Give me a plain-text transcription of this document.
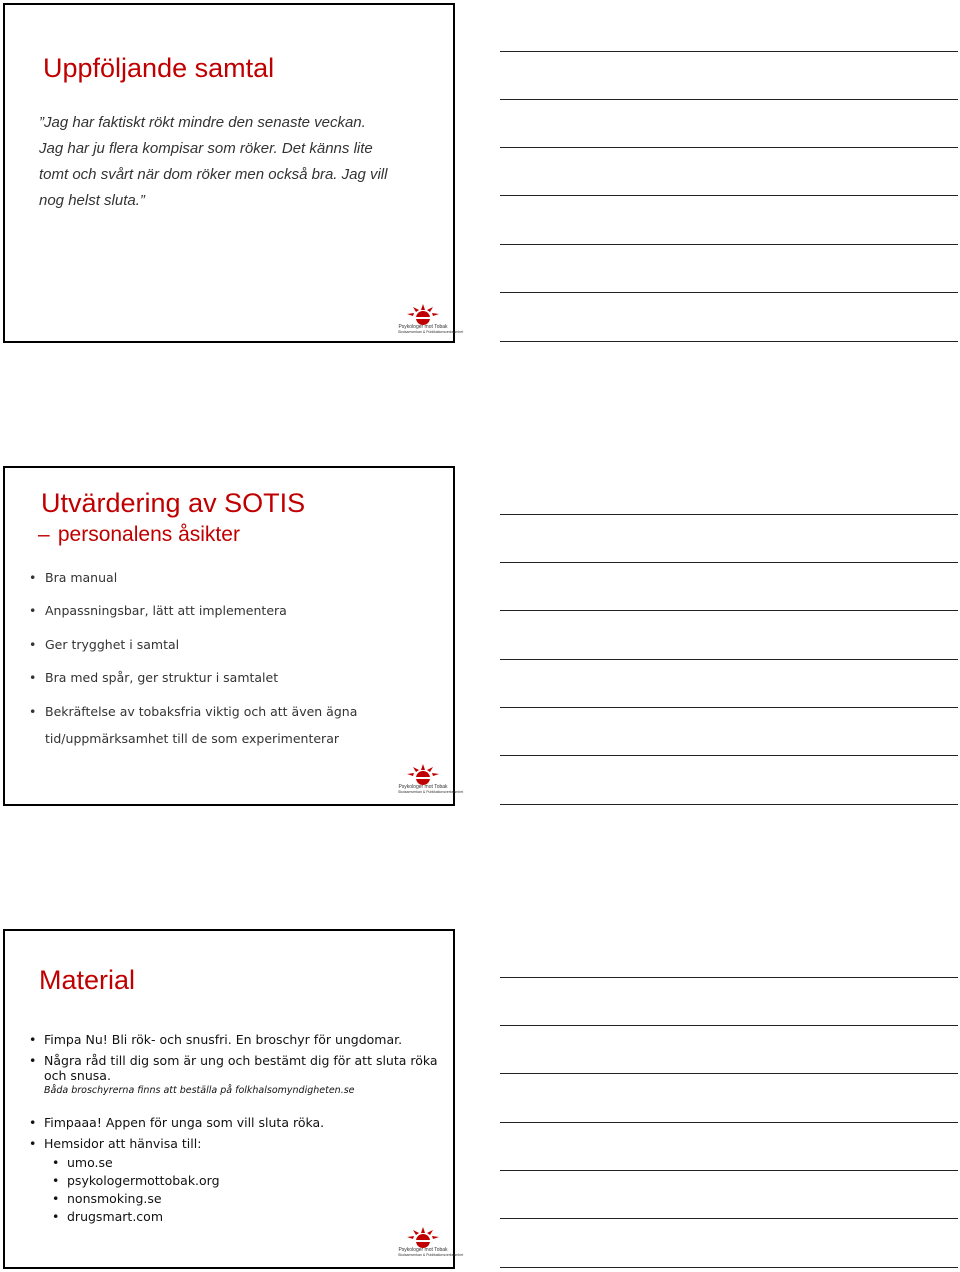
Uppföljande samtal
”Jag har faktiskt rökt mindre den senaste veckan.
Jag har ju flera kompisar som röker. Det känns lite
tomt och svårt när dom röker men också bra. Jag vill
nog helst sluta.”
Psykologer mot Tobak
Skolsamverkan & Publikationsverksamhet
Utvärdering av SOTIS
– personalens åsikter
• Bra manual
• Anpassningsbar, lätt att implementera
• Ger trygghet i samtal
• Bra med spår, ger struktur i samtalet
• Bekräftelse av tobaksfria viktig och att även ägna
tid/uppmärksamhet till de som experimenterar
Psykologer mot Tobak
Skolsamverkan & Publikationsverksamhet
Material
• Fimpa Nu! Bli rök- och snusfri. En broschyr för ungdomar.
• Några råd till dig som är ung och bestämt dig för att sluta röka och snusa.
Båda broschyrerna finns att beställa på folkhalsomyndigheten.se
• Fimpaaa! Appen för unga som vill sluta röka.
• Hemsidor att hänvisa till:
• umo.se
• psykologermottobak.org
• nonsmoking.se
• drugsmart.com
Psykologer mot Tobak
Skolsamverkan & Publikationsverksamhet
